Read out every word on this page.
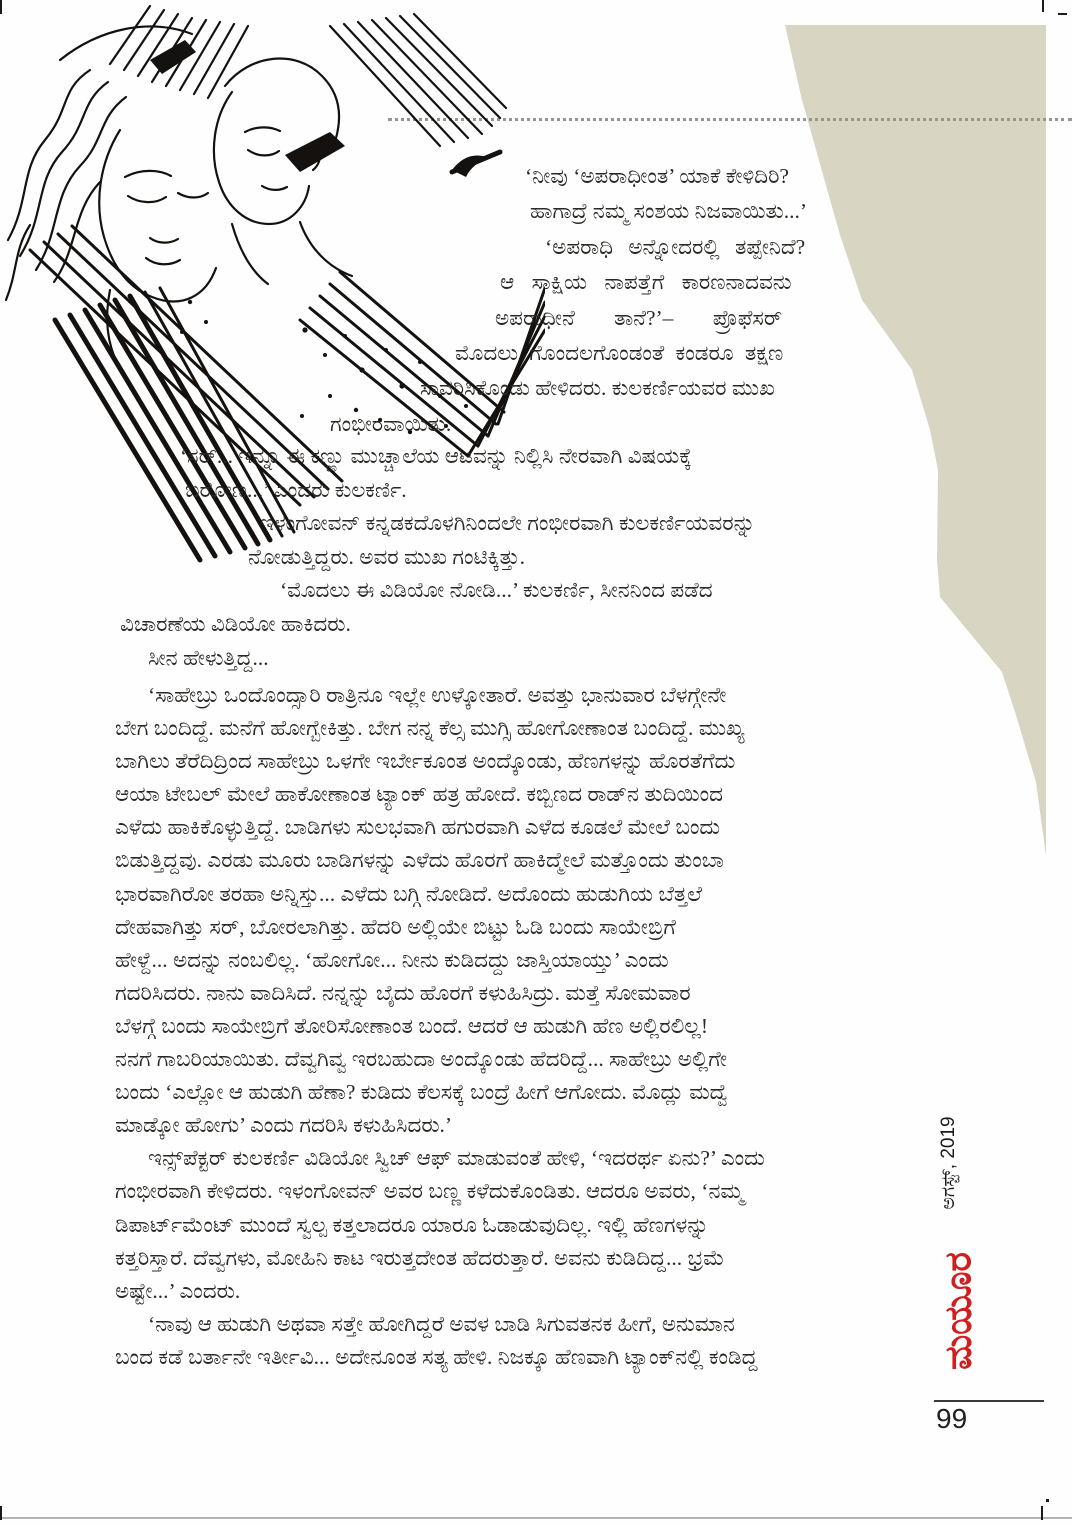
‘ನೀವು ‘ಅಪರಾಧೀಂತ’ ಯಾಕೆ ಕೇಳಿದಿರಿ?
ಹಾಗಾದ್ರೆ ನಮ್ಮ ಸಂಶಯ ನಿಜವಾಯಿತು...’
‘ಅಪರಾಧಿ ಅನ್ನೋದರಲ್ಲಿ ತಪ್ಪೇನಿದೆ?
ಆ ಸಾಕ್ಷಿಯ ನಾಪತ್ತೆಗೆ ಕಾರಣನಾದವನು
ಅಪರಾಧೀನೆ ತಾನೆ?’– ಪ್ರೊಫೆಸರ್
ಮೊದಲು ಗೊಂದಲಗೊಂಡಂತೆ ಕಂಡರೂ ತಕ್ಷಣ
ಸಾವರಿಸಿಕೊಂಡು ಹೇಳಿದರು. ಕುಲಕರ್ಣಿಯವರ ಮುಖ
ಗಂಭೀರವಾಯಿತು.
‘ಸರ್... ಇನ್ನೂ ಈ ಕಣ್ಣು ಮುಚ್ಚಾಲೆಯ ಆಟವನ್ನು ನಿಲ್ಲಿಸಿ ನೇರವಾಗಿ ವಿಷಯಕ್ಕೆ
ಬರೋಣ...’ ಎಂದರು ಕುಲಕರ್ಣಿ.
ಇಳಂಗೋವನ್ ಕನ್ನಡಕದೊಳಗಿನಿಂದಲೇ ಗಂಭೀರವಾಗಿ ಕುಲಕರ್ಣಿಯವರನ್ನು
ನೋಡುತ್ತಿದ್ದರು. ಅವರ ಮುಖ ಗಂಟಿಕ್ಕಿತ್ತು.
‘ಮೊದಲು ಈ ವಿಡಿಯೋ ನೋಡಿ...’ ಕುಲಕರ್ಣಿ, ಸೀನನಿಂದ ಪಡೆದ
ವಿಚಾರಣೆಯ ವಿಡಿಯೋ ಹಾಕಿದರು.
ಸೀನ ಹೇಳುತ್ತಿದ್ದ...
‘ಸಾಹೇಬ್ರು ಒಂದೊಂದ್ಸಾರಿ ರಾತ್ರಿನೂ ಇಲ್ಲೇ ಉಳ್ಕೋತಾರೆ. ಅವತ್ತು ಭಾನುವಾರ ಬೆಳಗ್ಗೇನೇ
ಬೇಗ ಬಂದಿದ್ದೆ. ಮನೆಗೆ ಹೋಗ್ಬೇಕಿತ್ತು. ಬೇಗ ನನ್ನ ಕೆಲ್ಸ ಮುಗ್ಸಿ ಹೋಗೋಣಾಂತ ಬಂದಿದ್ದೆ. ಮುಖ್ಯ
ಬಾಗಿಲು ತೆರೆದಿದ್ರಿಂದ ಸಾಹೇಬ್ರು ಒಳಗೇ ಇರ್ಬೇಕೂಂತ ಅಂದ್ಕೊಂಡು, ಹೆಣಗಳನ್ನು ಹೊರತೆಗೆದು
ಆಯಾ ಟೇಬಲ್ ಮೇಲೆ ಹಾಕೋಣಾಂತ ಟ್ಯಾಂಕ್ ಹತ್ರ ಹೋದೆ. ಕಬ್ಬಿಣದ ರಾಡ್‌ನ ತುದಿಯಿಂದ
ಎಳೆದು ಹಾಕಿಕೊಳ್ಳುತ್ತಿದ್ದೆ. ಬಾಡಿಗಳು ಸುಲಭವಾಗಿ ಹಗುರವಾಗಿ ಎಳೆದ ಕೂಡಲೆ ಮೇಲೆ ಬಂದು
ಬಿಡುತ್ತಿದ್ದವು. ಎರಡು ಮೂರು ಬಾಡಿಗಳನ್ನು ಎಳೆದು ಹೊರಗೆ ಹಾಕಿದ್ಮೇಲೆ ಮತ್ತೊಂದು ತುಂಬಾ
ಭಾರವಾಗಿರೋ ತರಹಾ ಅನ್ನಿಸ್ತು... ಎಳೆದು ಬಗ್ಗಿ ನೋಡಿದೆ. ಅದೊಂದು ಹುಡುಗಿಯ ಬೆತ್ತಲೆ
ದೇಹವಾಗಿತ್ತು ಸರ್, ಬೋರಲಾಗಿತ್ತು. ಹೆದರಿ ಅಲ್ಲಿಯೇ ಬಿಟ್ಟು ಓಡಿ ಬಂದು ಸಾಯೇಬ್ರಿಗೆ
ಹೇಳ್ದೆ... ಅದನ್ನು ನಂಬಲಿಲ್ಲ. ‘ಹೋಗೋ... ನೀನು ಕುಡಿದದ್ದು ಜಾಸ್ತಿಯಾಯ್ತು’ ಎಂದು
ಗದರಿಸಿದರು. ನಾನು ವಾದಿಸಿದೆ. ನನ್ನನ್ನು ಬೈದು ಹೊರಗೆ ಕಳುಹಿಸಿದ್ರು. ಮತ್ತೆ ಸೋಮವಾರ
ಬೆಳಗ್ಗೆ ಬಂದು ಸಾಯೇಬ್ರಿಗೆ ತೋರಿಸೋಣಾಂತ ಬಂದೆ. ಆದರೆ ಆ ಹುಡುಗಿ ಹೆಣ ಅಲ್ಲಿರಲಿಲ್ಲ!
ನನಗೆ ಗಾಬರಿಯಾಯಿತು. ದೆವ್ವಗಿವ್ವ ಇರಬಹುದಾ ಅಂದ್ಕೊಂಡು ಹೆದರಿದ್ದೆ... ಸಾಹೇಬ್ರು ಅಲ್ಲಿಗೇ
ಬಂದು ‘ಎಲ್ಲೋ ಆ ಹುಡುಗಿ ಹೆಣಾ? ಕುಡಿದು ಕೆಲಸಕ್ಕೆ ಬಂದ್ರೆ ಹೀಗೆ ಆಗೋದು. ಮೊದ್ಲು ಮದ್ವೆ
ಮಾಡ್ಕೋ ಹೋಗು’ ಎಂದು ಗದರಿಸಿ ಕಳುಹಿಸಿದರು.’
ಇನ್ಸ್‌ಪೆಕ್ಟರ್ ಕುಲಕರ್ಣಿ ವಿಡಿಯೋ ಸ್ವಿಚ್ ಆಫ್ ಮಾಡುವಂತೆ ಹೇಳಿ, ‘ಇದರರ್ಥ ಏನು?’ ಎಂದು
ಗಂಭೀರವಾಗಿ ಕೇಳಿದರು. ಇಳಂಗೋವನ್ ಅವರ ಬಣ್ಣ ಕಳೆದುಕೊಂಡಿತು. ಆದರೂ ಅವರು, ‘ನಮ್ಮ
ಡಿಪಾರ್ಟ್‌ಮೆಂಟ್ ಮುಂದೆ ಸ್ವಲ್ಪ ಕತ್ತಲಾದರೂ ಯಾರೂ ಓಡಾಡುವುದಿಲ್ಲ. ಇಲ್ಲಿ ಹೆಣಗಳನ್ನು
ಕತ್ತರಿಸ್ತಾರೆ. ದೆವ್ವಗಳು, ಮೋಹಿನಿ ಕಾಟ ಇರುತ್ತದೇಂತ ಹೆದರುತ್ತಾರೆ. ಅವನು ಕುಡಿದಿದ್ದ... ಭ್ರಮೆ
ಅಷ್ಟೇ...’ ಎಂದರು.
‘ನಾವು ಆ ಹುಡುಗಿ ಅಥವಾ ಸತ್ತೇ ಹೋಗಿದ್ದರೆ ಅವಳ ಬಾಡಿ ಸಿಗುವತನಕ ಹೀಗೆ, ಅನುಮಾನ
ಬಂದ ಕಡೆ ಬರ್ತಾನೇ ಇರ್ತೀವಿ... ಅದೇನೂಂತ ಸತ್ಯ ಹೇಳಿ. ನಿಜಕ್ಕೂ ಹೆಣವಾಗಿ ಟ್ಯಾಂಕ್‌ನಲ್ಲಿ ಕಂಡಿದ್ದ
ಅಗಸ್ಟ್, 2019
ಮಯೂರ
99
